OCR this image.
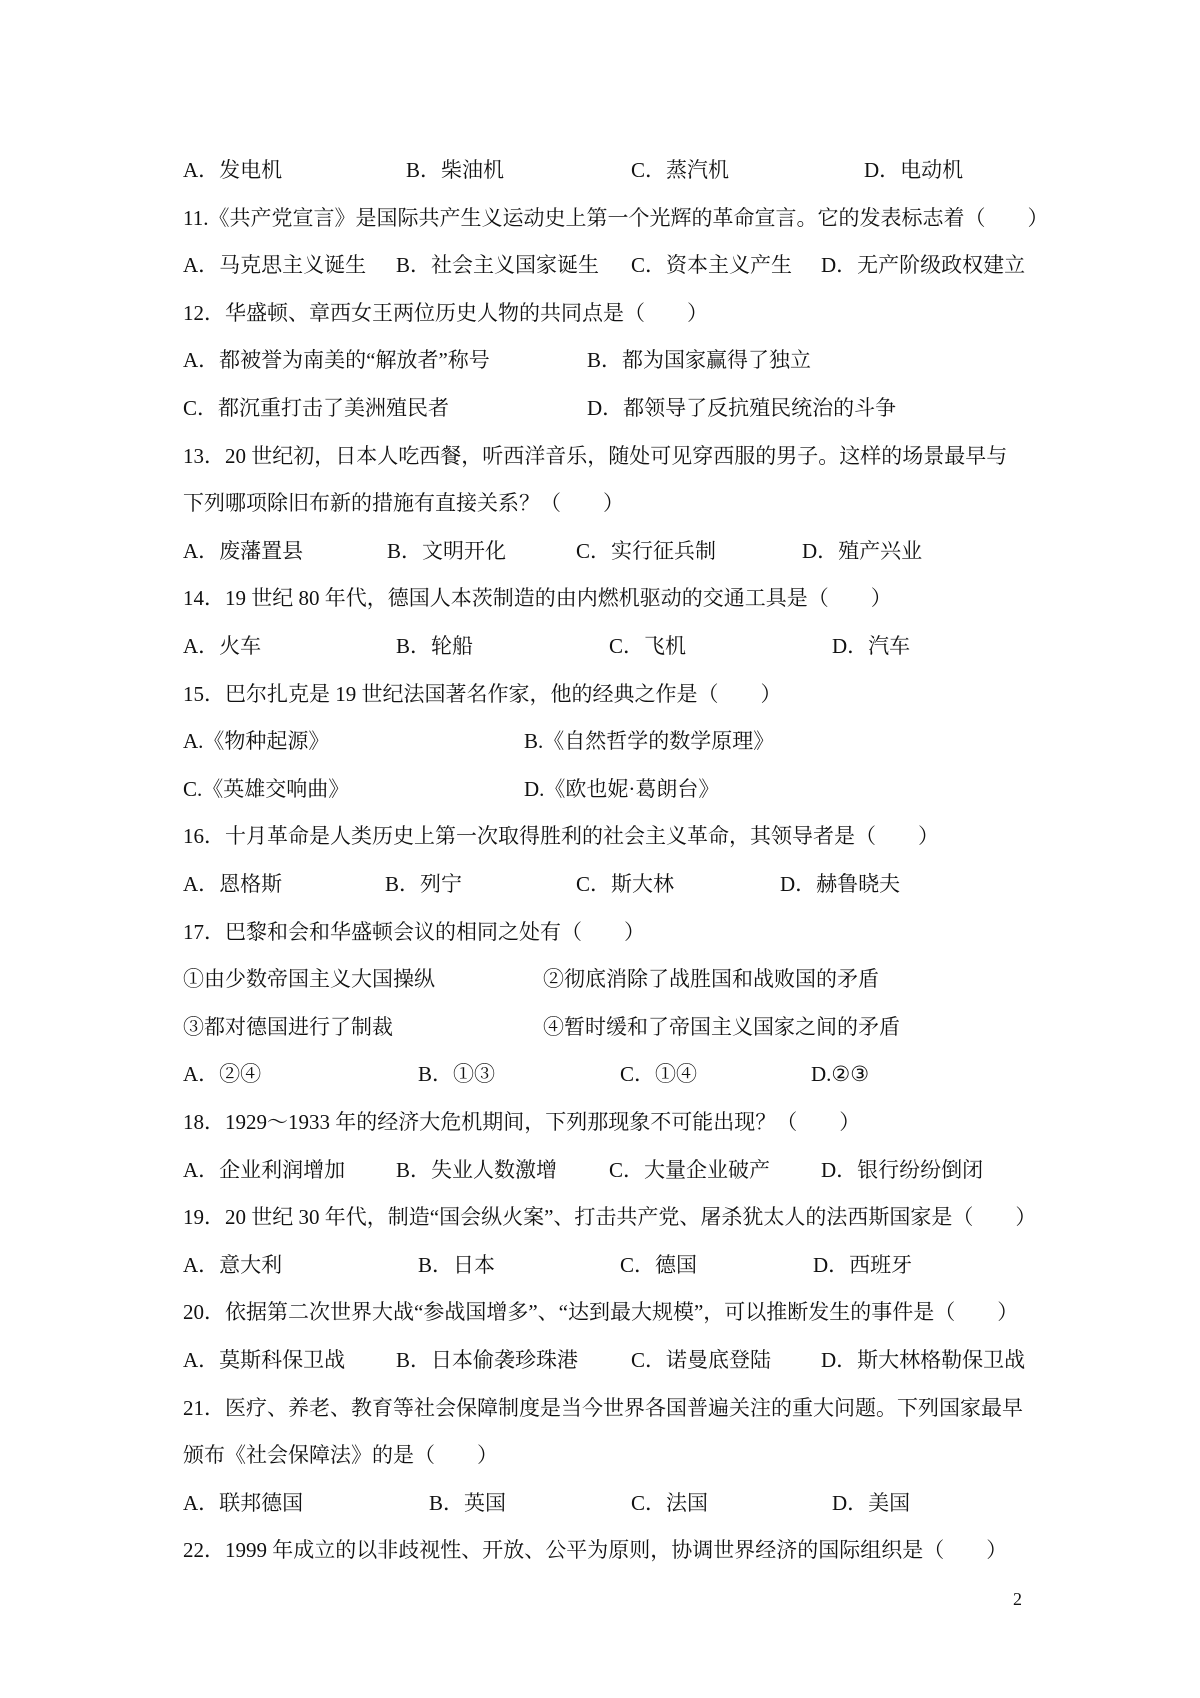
A．发电机	B．柴油机	C．蒸汽机	D．电动机
11.《共产党宣言》是国际共产生义运动史上第一个光辉的革命宣言。它的发表标志着（　　）
A．马克思主义诞生 B．社会主义国家诞生 C．资本主义产生 D．无产阶级政权建立
12．华盛顿、章西女王两位历史人物的共同点是（　　）
A．都被誉为南美的“解放者”称号	B．都为国家赢得了独立
C．都沉重打击了美洲殖民者	D．都领导了反抗殖民统治的斗争
13．20 世纪初，日本人吃西餐，听西洋音乐，随处可见穿西服的男子。这样的场景最早与
下列哪项除旧布新的措施有直接关系？（　　）
A．废藩置县	B．文明开化	C．实行征兵制	D．殖产兴业
14．19 世纪 80 年代，德国人本茨制造的由内燃机驱动的交通工具是（　　）
A．火车	B．轮船	C．飞机	D．汽车
15．巴尔扎克是 19 世纪法国著名作家，他的经典之作是（　　）
A.《物种起源》	B.《自然哲学的数学原理》
C.《英雄交响曲》	D.《欧也妮·葛朗台》
16．十月革命是人类历史上第一次取得胜利的社会主义革命，其领导者是（　　）
A．恩格斯	B．列宁	C．斯大林	D．赫鲁晓夫
17．巴黎和会和华盛顿会议的相同之处有（　　）
①由少数帝国主义大国操纵	②彻底消除了战胜国和战败国的矛盾
③都对德国进行了制裁	④暂时缓和了帝国主义国家之间的矛盾
A．②④	B．①③	C．①④	D.②③
18．1929～1933 年的经济大危机期间，下列那现象不可能出现？（　　）
A．企业利润增加 B．失业人数激增 C．大量企业破产 D．银行纷纷倒闭
19．20 世纪 30 年代，制造“国会纵火案”、打击共产党、屠杀犹太人的法西斯国家是（　　）
A．意大利	B．日本	C．德国	D．西班牙
20．依据第二次世界大战“参战国增多”、“达到最大规模”，可以推断发生的事件是（　　）
A．莫斯科保卫战 B．日本偷袭珍珠港	C．诺曼底登陆 D．斯大林格勒保卫战
21．医疗、养老、教育等社会保障制度是当今世界各国普遍关注的重大问题。下列国家最早
颁布《社会保障法》的是（　　）
A．联邦德国	B．英国	C．法国	D．美国
22．1999 年成立的以非歧视性、开放、公平为原则，协调世界经济的国际组织是（　　）
2
